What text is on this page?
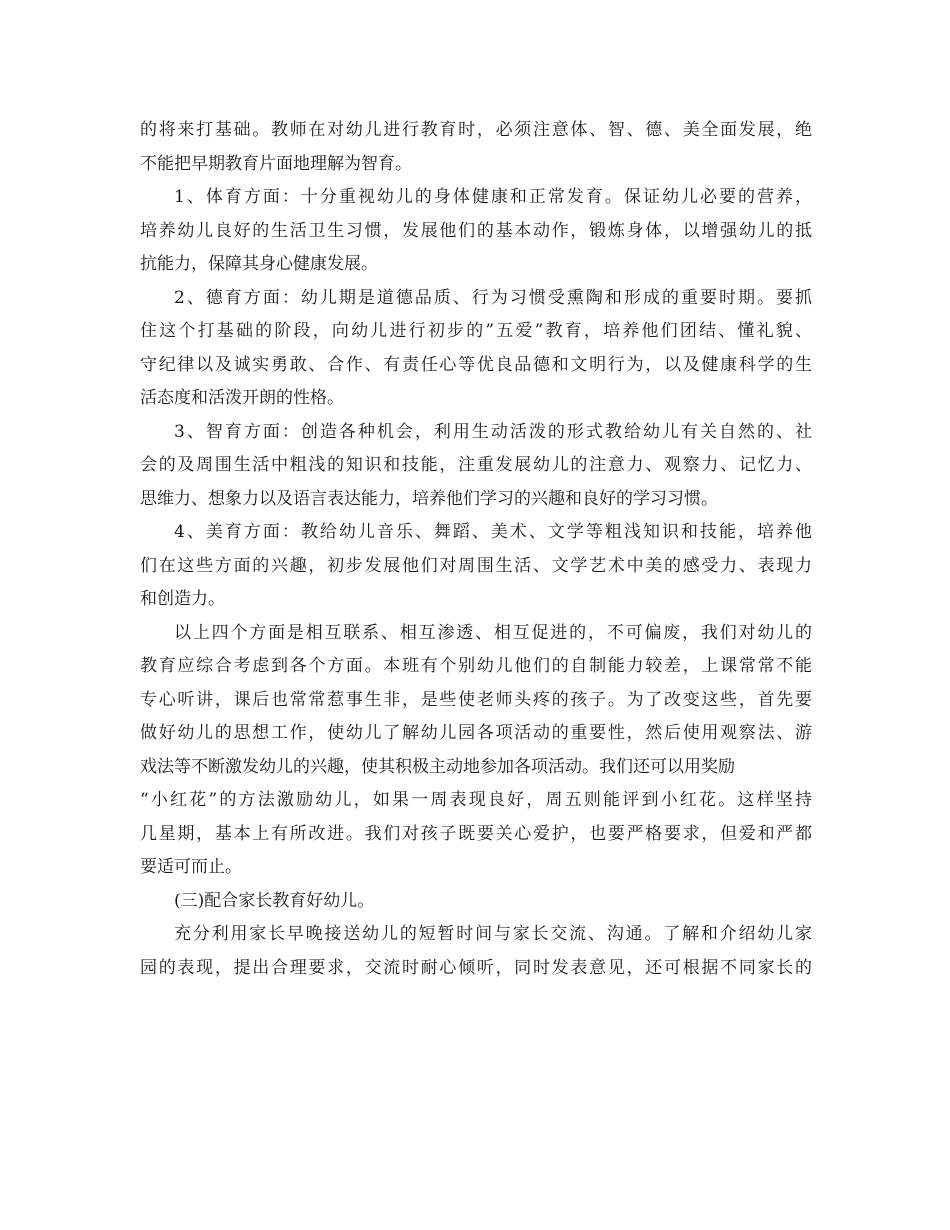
的将来打基础。教师在对幼儿进行教育时，必须注意体、智、德、美全面发展，绝
不能把早期教育片面地理解为智育。
1、体育方面：十分重视幼儿的身体健康和正常发育。保证幼儿必要的营养，
培养幼儿良好的生活卫生习惯，发展他们的基本动作，锻炼身体，以增强幼儿的抵
抗能力，保障其身心健康发展。
2、德育方面：幼儿期是道德品质、行为习惯受熏陶和形成的重要时期。要抓
住这个打基础的阶段，向幼儿进行初步的”五爱”教育，培养他们团结、懂礼貌、
守纪律以及诚实勇敢、合作、有责任心等优良品德和文明行为，以及健康科学的生
活态度和活泼开朗的性格。
3、智育方面：创造各种机会，利用生动活泼的形式教给幼儿有关自然的、社
会的及周围生活中粗浅的知识和技能，注重发展幼儿的注意力、观察力、记忆力、
思维力、想象力以及语言表达能力，培养他们学习的兴趣和良好的学习习惯。
4、美育方面：教给幼儿音乐、舞蹈、美术、文学等粗浅知识和技能，培养他
们在这些方面的兴趣，初步发展他们对周围生活、文学艺术中美的感受力、表现力
和创造力。
以上四个方面是相互联系、相互渗透、相互促进的，不可偏废，我们对幼儿的
教育应综合考虑到各个方面。本班有个别幼儿他们的自制能力较差，上课常常不能
专心听讲，课后也常常惹事生非，是些使老师头疼的孩子。为了改变这些，首先要
做好幼儿的思想工作，使幼儿了解幼儿园各项活动的重要性，然后使用观察法、游
戏法等不断激发幼儿的兴趣，使其积极主动地参加各项活动。我们还可以用奖励
“小红花”的方法激励幼儿，如果一周表现良好，周五则能评到小红花。这样坚持
几星期，基本上有所改进。我们对孩子既要关心爱护，也要严格要求，但爱和严都
要适可而止。
(三)配合家长教育好幼儿。
充分利用家长早晚接送幼儿的短暂时间与家长交流、沟通。了解和介绍幼儿家
园的表现，提出合理要求，交流时耐心倾听，同时发表意见，还可根据不同家长的
